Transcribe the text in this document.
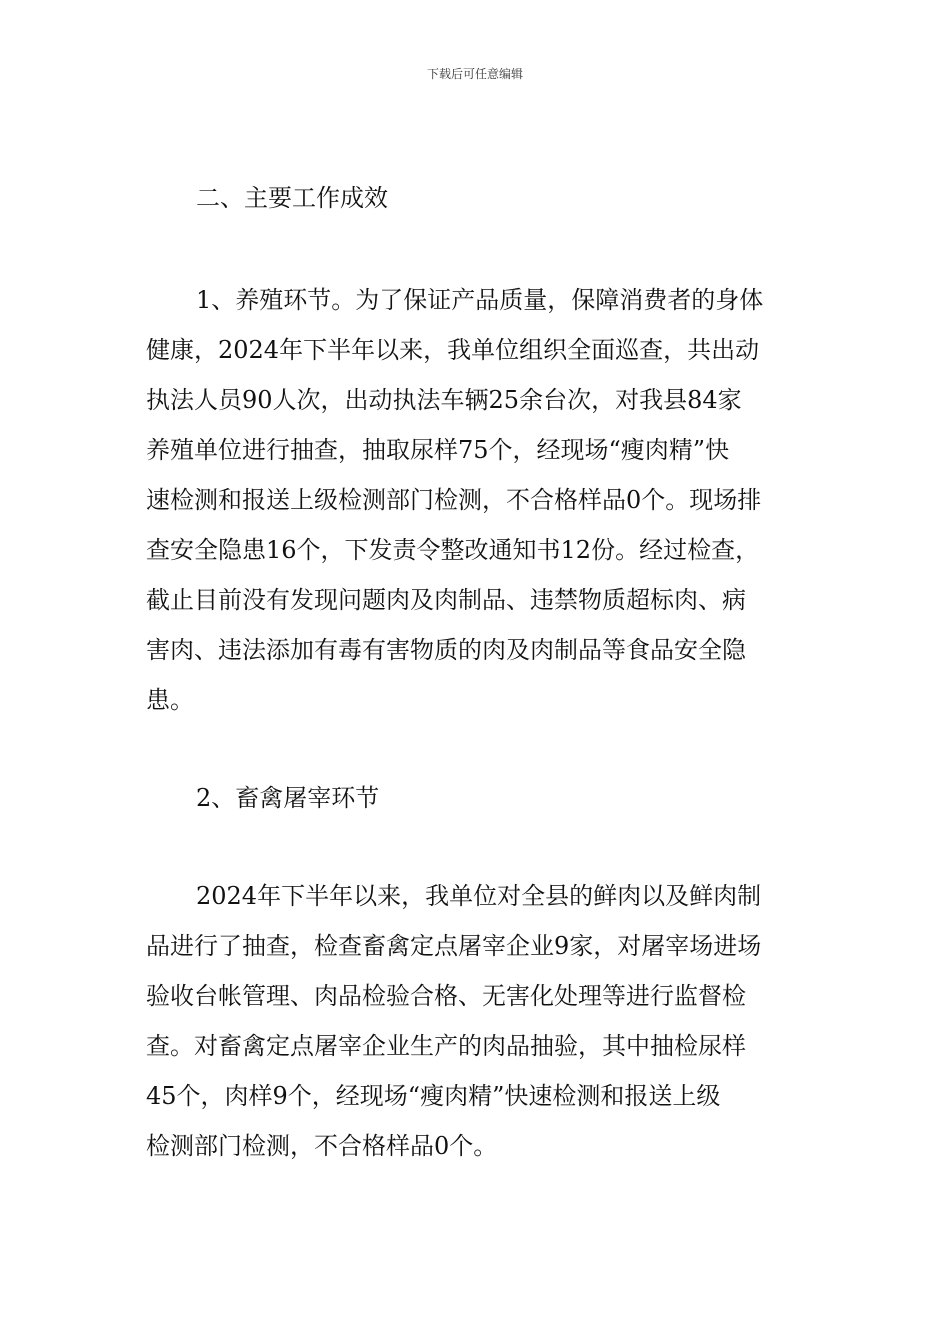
下载后可任意编辑
二、主要工作成效
1、养殖环节。为了保证产品质量，保障消费者的身体
健康，2024年下半年以来，我单位组织全面巡查，共出动
执法人员90人次，出动执法车辆25余台次，对我县84家
养殖单位进行抽查，抽取尿样75个，经现场“瘦肉精”快
速检测和报送上级检测部门检测，不合格样品0个。现场排
查安全隐患16个，下发责令整改通知书12份。经过检查，
截止目前没有发现问题肉及肉制品、违禁物质超标肉、病
害肉、违法添加有毒有害物质的肉及肉制品等食品安全隐
患。
2、畜禽屠宰环节
2024年下半年以来，我单位对全县的鲜肉以及鲜肉制
品进行了抽查，检查畜禽定点屠宰企业9家，对屠宰场进场
验收台帐管理、肉品检验合格、无害化处理等进行监督检
查。对畜禽定点屠宰企业生产的肉品抽验，其中抽检尿样
45个，肉样9个，经现场“瘦肉精”快速检测和报送上级
检测部门检测，不合格样品0个。
